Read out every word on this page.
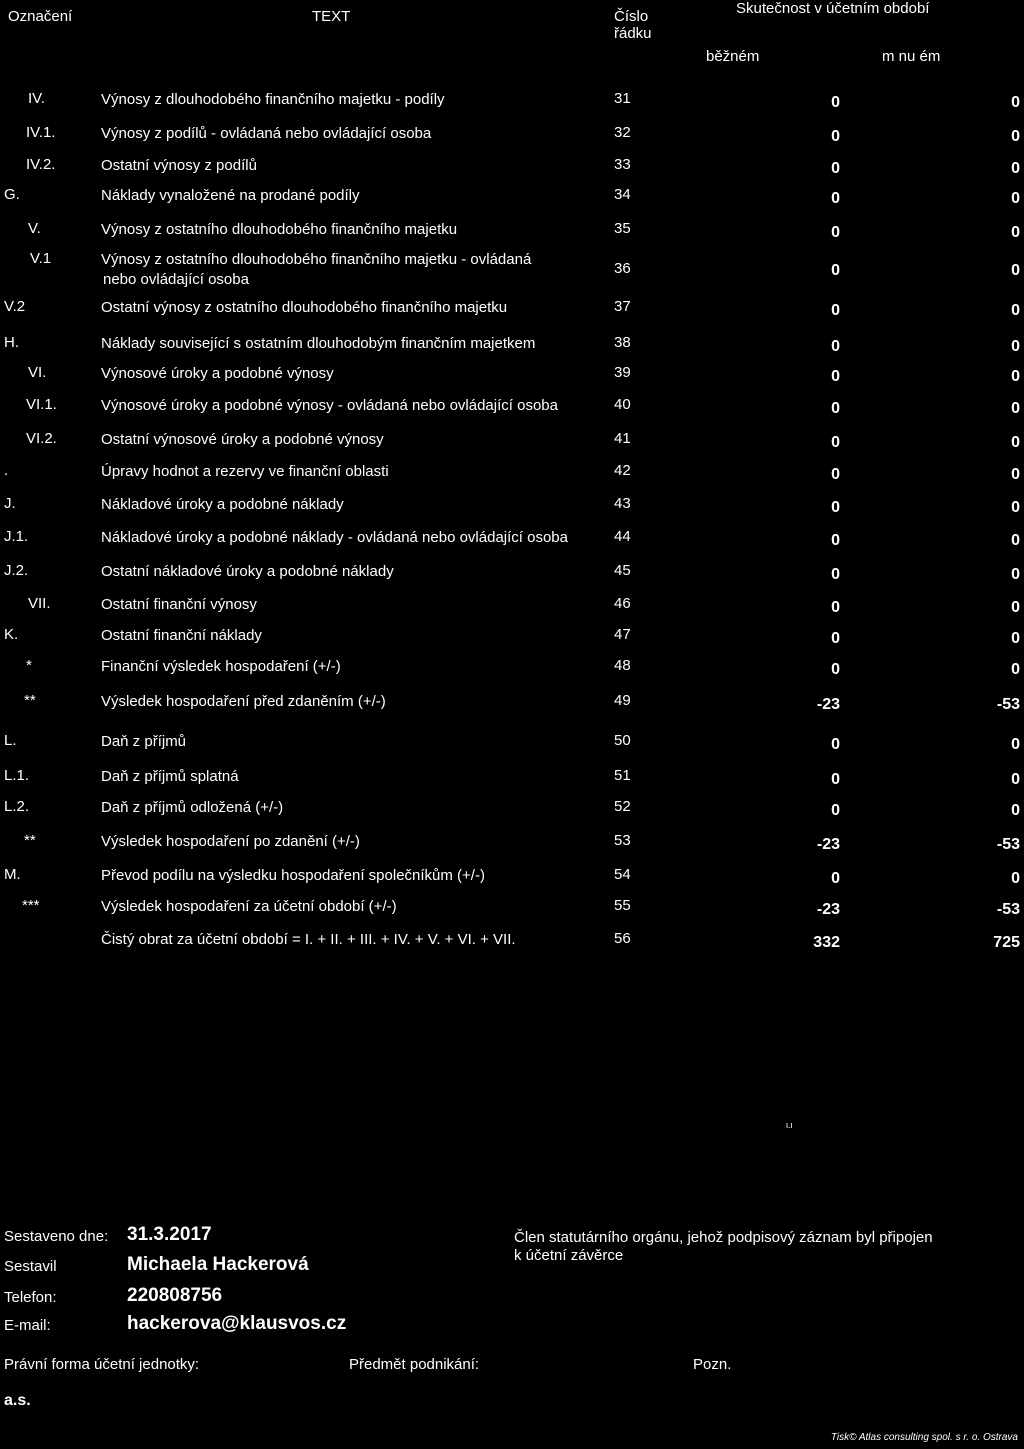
Označení	TEXT	Číslo
řádku
Skutečnost v účetním období
běžném	m nu ém
IV.	Výnosy z dlouhodobého finančního majetku - podíly	31	0	0
IV.1.	Výnosy z podílů - ovládaná nebo ovládající osoba	32	0	0
IV.2.	Ostatní výnosy z podílů	33	0	0
G.	Náklady vynaložené na prodané podíly	34	0	0
V.	Výnosy z ostatního dlouhodobého finančního majetku	35	0	0
V.1	Výnosy z ostatního dlouhodobého finančního majetku - ovládaná
nebo ovládající osoba
36	0	0
V.2	Ostatní výnosy z ostatního dlouhodobého finančního majetku	37	0	0
H.	Náklady související s ostatním dlouhodobým finančním majetkem	38	0	0
VI.	Výnosové úroky a podobné výnosy	39	0	0
VI.1.	Výnosové úroky a podobné výnosy - ovládaná nebo ovládající osoba	40	0	0
VI.2.	Ostatní výnosové úroky a podobné výnosy	41	0	0
.	Úpravy hodnot a rezervy ve finanční oblasti	42	0	0
J.	Nákladové úroky a podobné náklady	43	0	0
J.1.	Nákladové úroky a podobné náklady - ovládaná nebo ovládající osoba	44	0	0
J.2.	Ostatní nákladové úroky a podobné náklady	45	0	0
VII.	Ostatní finanční výnosy	46	0	0
K.	Ostatní finanční náklady	47	0	0
*	Finanční výsledek hospodaření (+/-)	48	0	0
**	Výsledek hospodaření před zdaněním (+/-)	49	-23	-53
L.	Daň z příjmů	50	0	0
L.1.	Daň z příjmů splatná	51	0	0
L.2.	Daň z příjmů odložená (+/-)	52	0	0
**	Výsledek hospodaření po zdanění (+/-)	53	-23	-53
M.	Převod podílu na výsledku hospodaření společníkům (+/-)	54	0	0
***	Výsledek hospodaření za účetní období (+/-)	55	-23	-53
Čistý obrat za účetní období = I. + II. + III. + IV. + V. + VI. + VII.	56	332	725
ι.ι
Sestaveno dne: 31.3.2017
Sestavil	Michaela Hackerová
Telefon:	220808756
E-mail:	hackerova@klausvos.cz
Člen statutárního orgánu, jehož podpisový záznam byl připojen
k účetní závěrce
Právní forma účetní jednotky:	Předmět podnikání:	Pozn.
a.s.
Tisk© Atlas consulting spol. s r. o. Ostrava
